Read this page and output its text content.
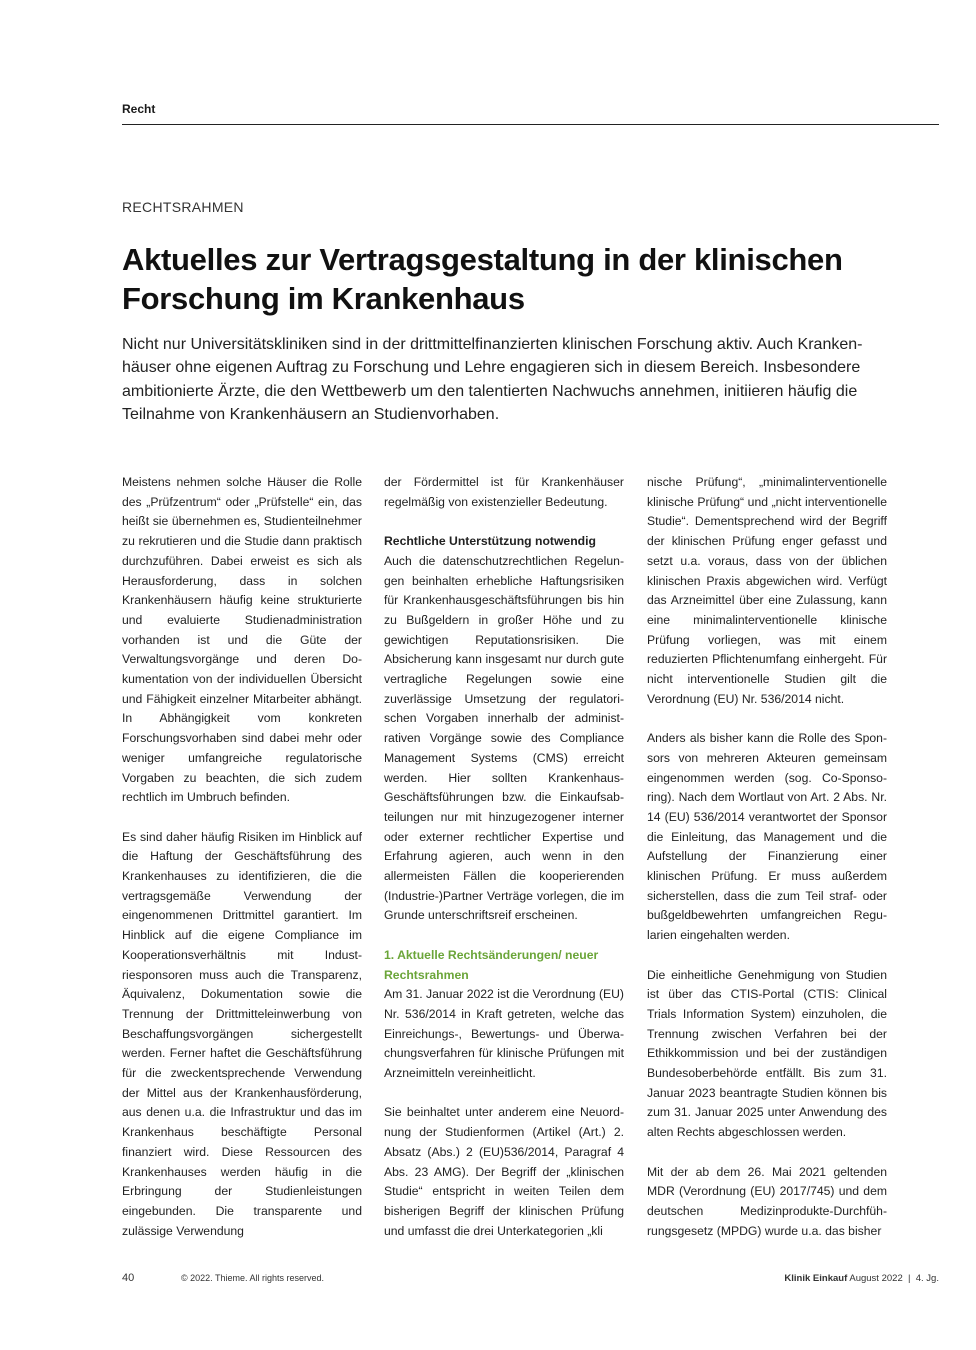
Recht
RECHTSRAHMEN
Aktuelles zur Vertragsgestaltung in der klinischen Forschung im Krankenhaus

Nicht nur Universitätskliniken sind in der drittmittelfinanzierten klinischen Forschung aktiv. Auch Krankenhäuser ohne eigenen Auftrag zu Forschung und Lehre engagieren sich in diesem Bereich. Insbesondere ambitionierte Ärzte, die den Wettbewerb um den talentierten Nachwuchs annehmen, initiieren häufig die Teilnahme von Krankenhäusern an Studienvorhaben.

Meistens nehmen solche Häuser die Rolle des „Prüfzentrum“ oder „Prüfstelle“ ein, das heißt sie übernehmen es, Studienteilnehmer zu rekrutieren und die Studie dann praktisch durchzuführen. Dabei erweist es sich als Herausforderung, dass in solchen Krankenhäusern häufig keine strukturierte und evaluierte Studienadministration vorhanden ist und die Güte der Verwaltungsvorgänge und deren Dokumentation von der individuellen Übersicht und Fähigkeit einzelner Mitarbeiter abhängt. In Abhängigkeit vom konkreten Forschungsvorhaben sind dabei mehr oder weniger umfangreiche regulatorische Vorgaben zu beachten, die sich zudem rechtlich im Umbruch befinden.

Es sind daher häufig Risiken im Hinblick auf die Haftung der Geschäftsführung des Krankenhauses zu identifizieren, die die vertragsgemäße Verwendung der eingenommenen Drittmittel garantiert. Im Hinblick auf die eigene Compliance im Kooperationsverhältnis mit Industriesponsoren muss auch die Transparenz, Äquivalenz, Dokumentation sowie die Trennung der Drittmitteleinwerbung von Beschaffungsvorgängen sichergestellt werden. Ferner haftet die Geschäftsführung für die zweckentsprechende Verwendung der Mittel aus der Krankenhausförderung, aus denen u.a. die Infrastruktur und das im Krankenhaus beschäftigte Personal finanziert wird. Diese Ressourcen des Krankenhauses werden häufig in die Erbringung der Studienleistungen eingebunden. Die transparente und zulässige Verwendung

der Fördermittel ist für Krankenhäuser regelmäßig von existenzieller Bedeutung.

Rechtliche Unterstützung notwendig

Auch die datenschutzrechtlichen Regelungen beinhalten erhebliche Haftungsrisiken für Krankenhausgeschäftsführungen bis hin zu Bußgeldern in großer Höhe und zu gewichtigen Reputationsrisiken. Die Absicherung kann insgesamt nur durch gute vertragliche Regelungen sowie eine zuverlässige Umsetzung der regulatorischen Vorgaben innerhalb der administrativen Vorgänge sowie des Compliance Management Systems (CMS) erreicht werden. Hier sollten Krankenhaus-Geschäftsführungen bzw. die Einkaufsabteilungen nur mit hinzugezogener interner oder externer rechtlicher Expertise und Erfahrung agieren, auch wenn in den allermeisten Fällen die kooperierenden (Industrie-)Partner Verträge vorlegen, die im Grunde unterschriftsreif erscheinen.

1. Aktuelle Rechtsänderungen/ neuer Rechtsrahmen

Am 31. Januar 2022 ist die Verordnung (EU) Nr. 536/2014 in Kraft getreten, welche das Einreichungs-, Bewertungs- und Überwachungsverfahren für klinische Prüfungen mit Arzneimitteln vereinheitlicht.

Sie beinhaltet unter anderem eine Neuordnung der Studienformen (Artikel (Art.) 2. Absatz (Abs.) 2 (EU)536/2014, Paragraf 4 Abs. 23 AMG). Der Begriff der „klinischen Studie“ entspricht in weiten Teilen dem bisherigen Begriff der klinischen Prüfung und umfasst die drei Unterkategorien „kli

nische Prüfung“, „minimalinterventionelle klinische Prüfung“ und „nicht interventionelle Studie“. Dementsprechend wird der Begriff der klinischen Prüfung enger gefasst und setzt u.a. voraus, dass von der üblichen klinischen Praxis abgewichen wird. Verfügt das Arzneimittel über eine Zulassung, kann eine minimalinterventionelle klinische Prüfung vorliegen, was mit einem reduzierten Pflichtenumfang einhergeht. Für nicht interventionelle Studien gilt die Verordnung (EU) Nr. 536/2014 nicht.

Anders als bisher kann die Rolle des Sponsors von mehreren Akteuren gemeinsam eingenommen werden (sog. Co-Sponsoring). Nach dem Wortlaut von Art. 2 Abs. Nr. 14 (EU) 536/2014 verantwortet der Sponsor die Einleitung, das Management und die Aufstellung der Finanzierung einer klinischen Prüfung. Er muss außerdem sicherstellen, dass die zum Teil straf- oder bußgeldbewehrten umfangreichen Regularien eingehalten werden.

Die einheitliche Genehmigung von Studien ist über das CTIS-Portal (CTIS: Clinical Trials Information System) einzuholen, die Trennung zwischen Verfahren bei der Ethikkommission und bei der zuständigen Bundesoberbehörde entfällt. Bis zum 31. Januar 2023 beantragte Studien können bis zum 31. Januar 2025 unter Anwendung des alten Rechts abgeschlossen werden.

Mit der ab dem 26. Mai 2021 geltenden MDR (Verordnung (EU) 2017/745) und dem deutschen Medizinprodukte-Durchführungsgesetz (MPDG) wurde u.a. das bisher

40	© 2022. Thieme. All rights reserved.	Klinik Einkauf August 2022  |  4. Jg.
